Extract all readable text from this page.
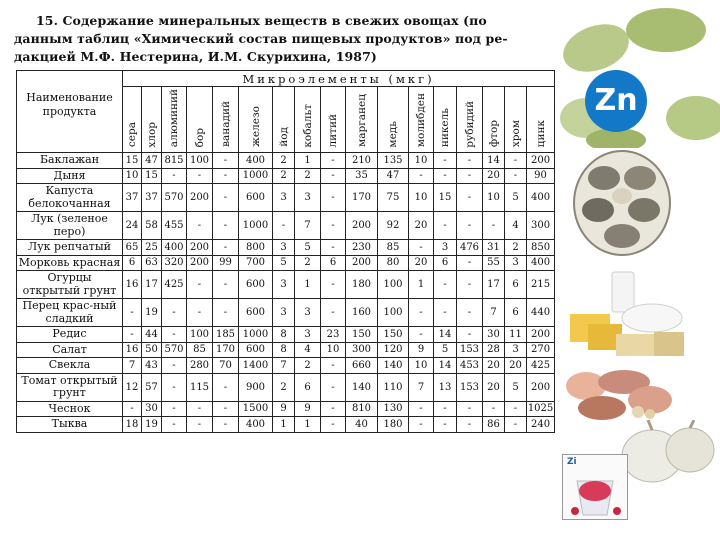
15. Содержание минеральных веществ в свежих овощах (по
данным таблиц «Химический состав пищевых продуктов» под ре-
дакцией М.Ф. Нестерина, И.М. Скурихина, 1987)
Наименование продукта	Микроэлементы (мкг)																
	сера	хлор	алюминий	бор	ванадий	железо	йод	кобальт	литий	марганец	медь	молибден	никель	рубидий	фтор	хром	цинк
Баклажан	15	47	815	100	-	400	2	1	-	210	135	10	-	-	14	-	200
Дыня	10	15	-	-	-	1000	2	2	-	35	47	-	-	-	20	-	90
Капуста белокочанная	37	37	570	200	-	600	3	3	-	170	75	10	15	-	10	5	400
Лук (зеленое перо)	24	58	455	-	-	1000	-	7	-	200	92	20	-	-	-	4	300
Лук репчатый	65	25	400	200	-	800	3	5	-	230	85	-	3	476	31	2	850
Морковь красная	6	63	320	200	99	700	5	2	6	200	80	20	6	-	55	3	400
Огурцы открытый грунт	16	17	425	-	-	600	3	1	-	180	100	1	-	-	17	6	215
Перец крас-ный сладкий	-	19	-	-	-	600	3	3	-	160	100	-	-	-	7	6	440
Редис	-	44	-	100	185	1000	8	3	23	150	150	-	14	-	30	11	200
Салат	16	50	570	85	170	600	8	4	10	300	120	9	5	153	28	3	270
Свекла	7	43	-	280	70	1400	7	2	-	660	140	10	14	453	20	20	425
Томат открытый грунт	12	57	-	115	-	900	2	6	-	140	110	7	13	153	20	5	200
Чеснок	-	30	-	-	-	1500	9	9	-	810	130	-	-	-	-	-	1025
Тыква	18	19	-	-	-	400	1	1	-	40	180	-	-	-	86	-	240
Zn
Zi
